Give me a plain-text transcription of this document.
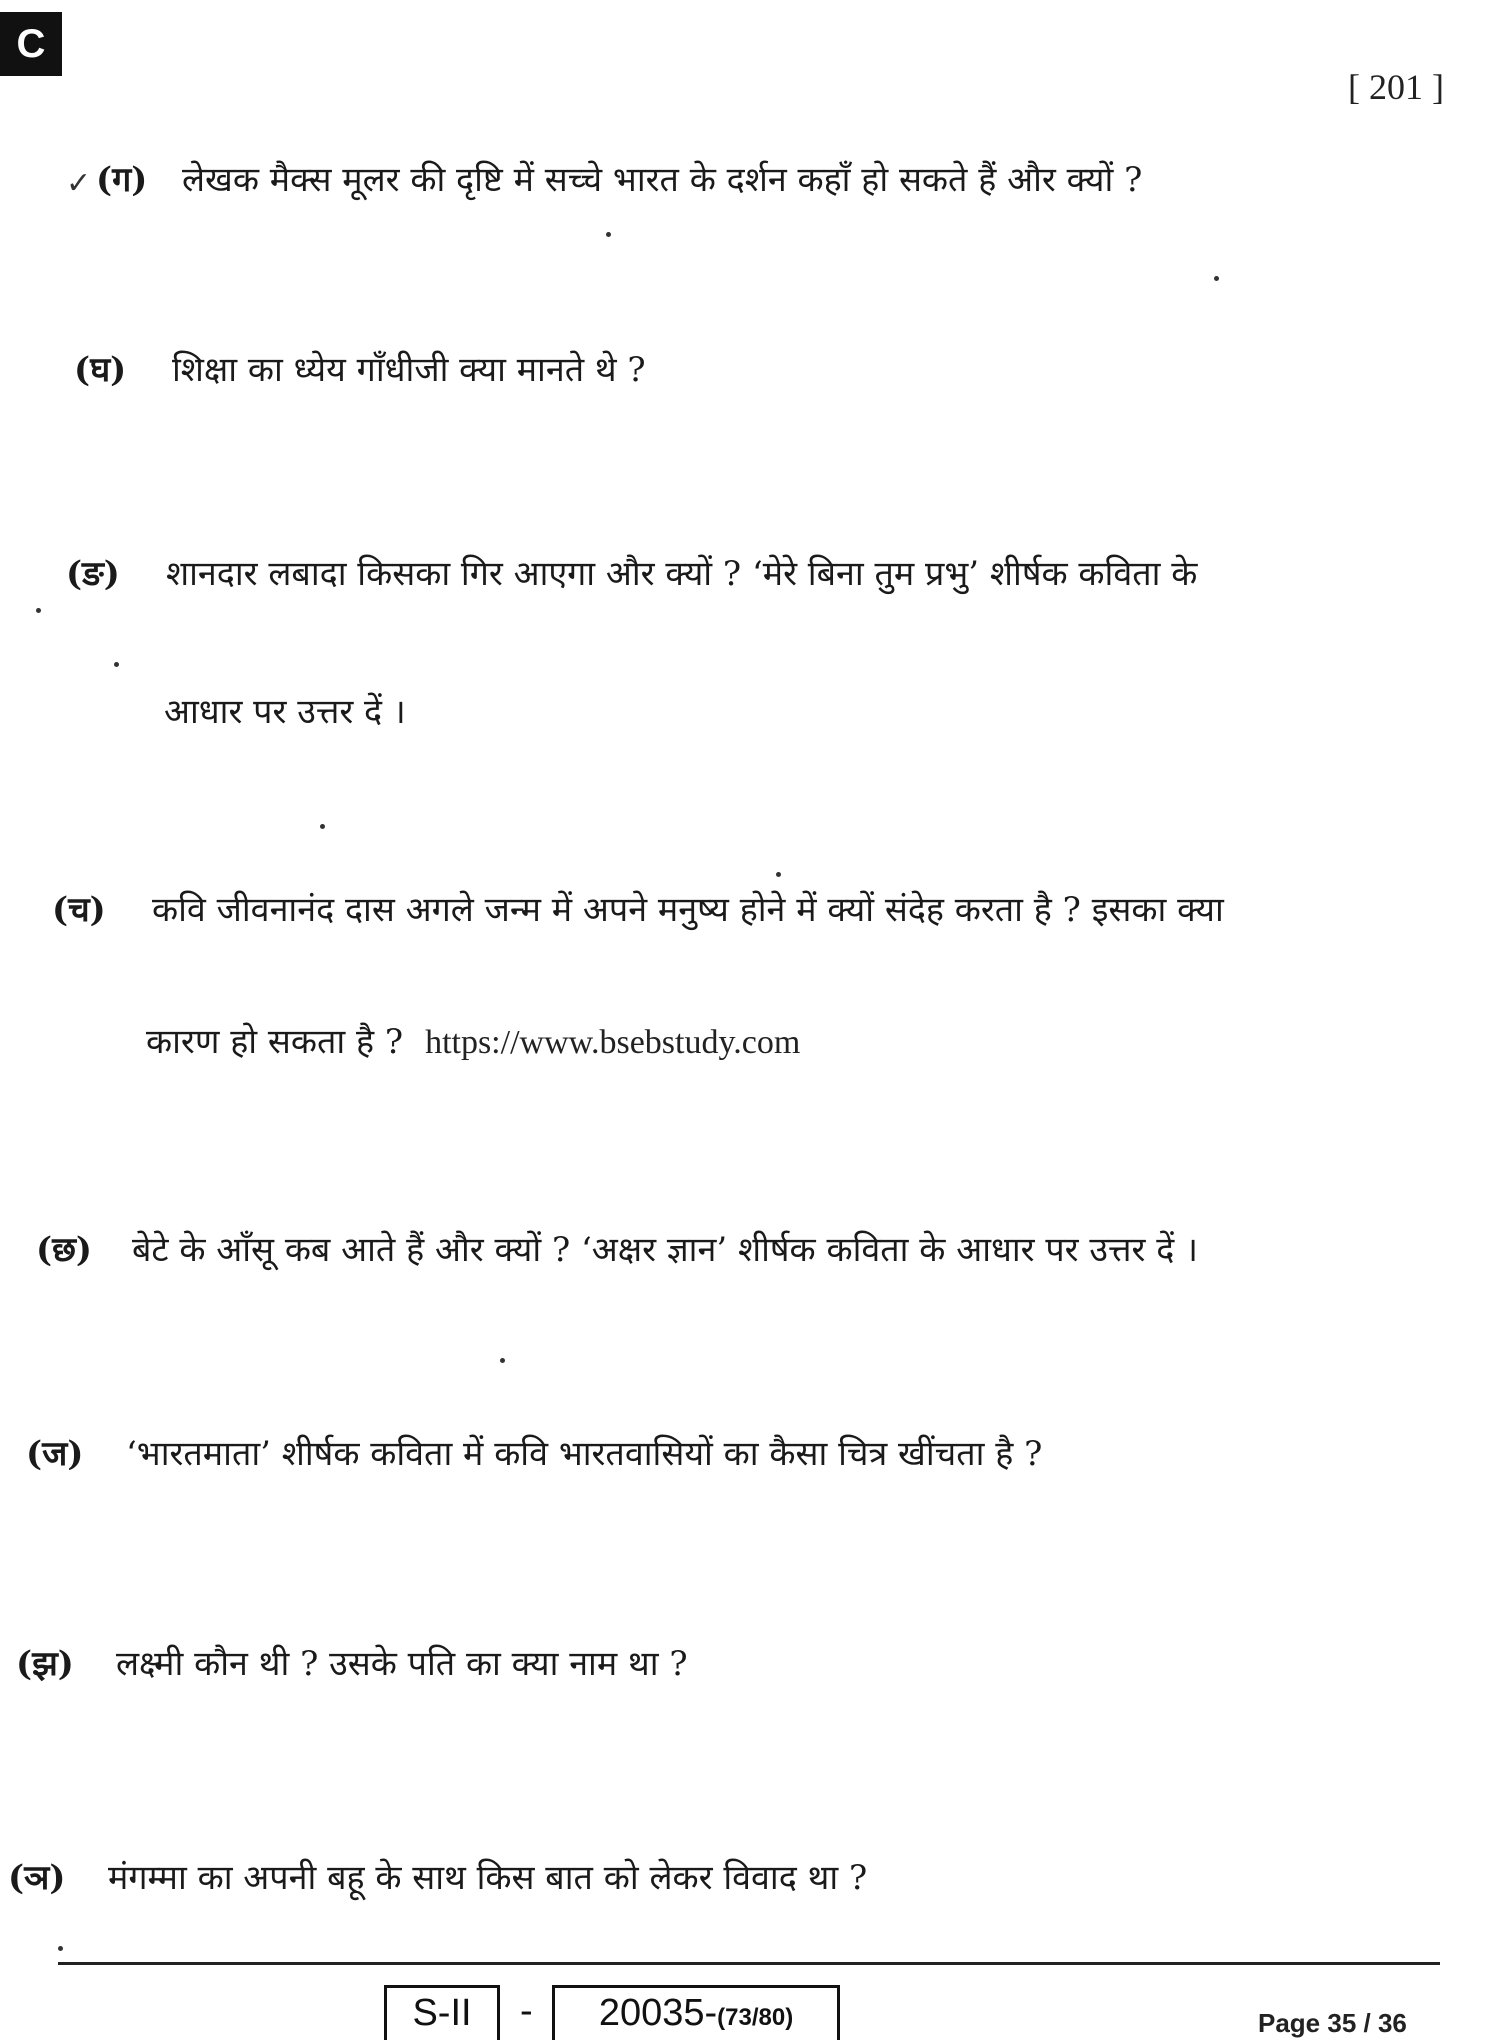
C
[ 201 ]
✓ (ग) लेखक मैक्स मूलर की दृष्टि में सच्चे भारत के दर्शन कहाँ हो सकते हैं और क्यों ?
(घ) शिक्षा का ध्येय गाँधीजी क्या मानते थे ?
(ङ) शानदार लबादा किसका गिर आएगा और क्यों ? ‘मेरे बिना तुम प्रभु’ शीर्षक कविता के
आधार पर उत्तर दें ।
(च) कवि जीवनानंद दास अगले जन्म में अपने मनुष्य होने में क्यों संदेह करता है ? इसका क्या
कारण हो सकता है ? https://www.bsebstudy.com
(छ) बेटे के आँसू कब आते हैं और क्यों ? ‘अक्षर ज्ञान’ शीर्षक कविता के आधार पर उत्तर दें ।
(ज) ‘भारतमाता’ शीर्षक कविता में कवि भारतवासियों का कैसा चित्र खींचता है ?
(झ) लक्ष्मी कौन थी ? उसके पति का क्या नाम था ?
(ञ) मंगम्मा का अपनी बहू के साथ किस बात को लेकर विवाद था ?
S-II	-	20035-(73/80)	Page 35 / 36
